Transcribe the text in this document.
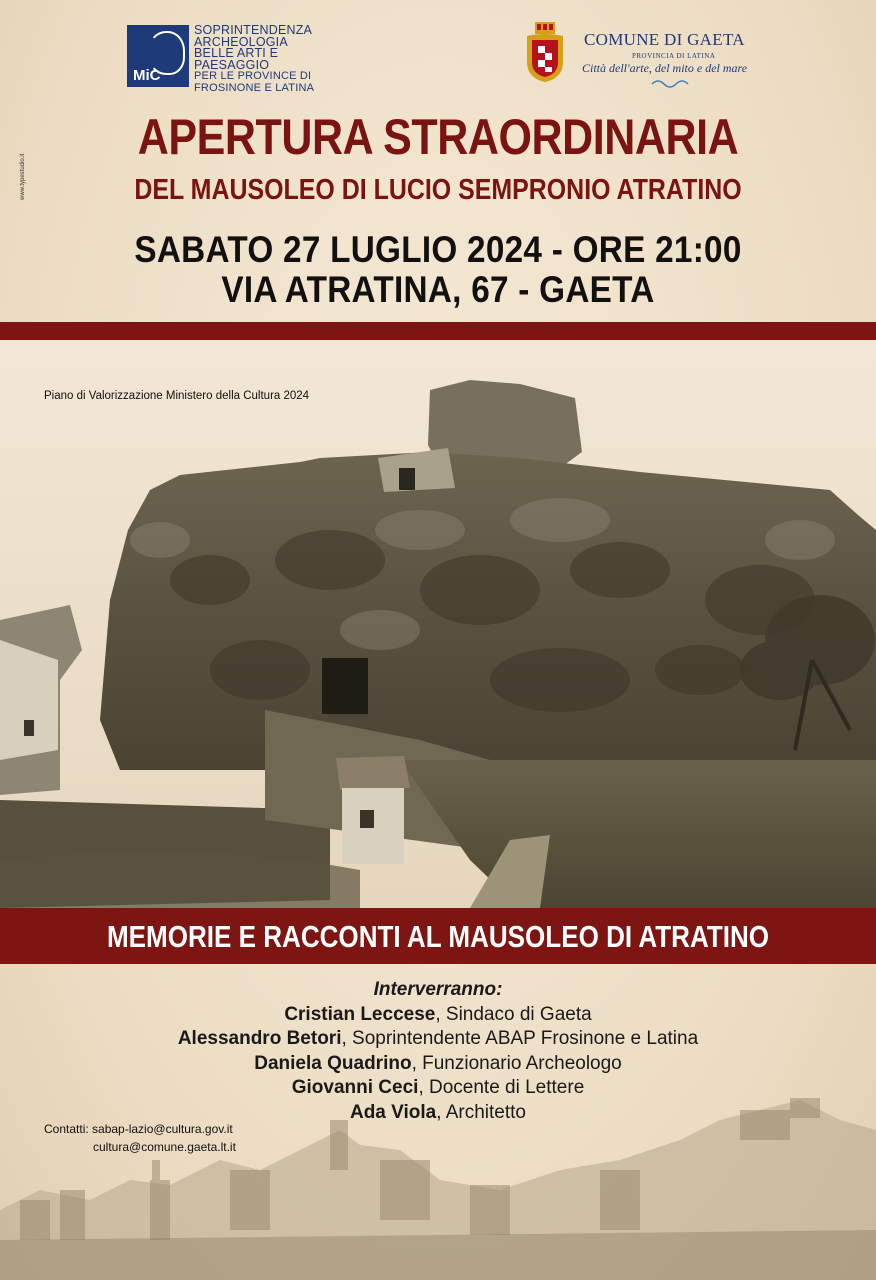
MiC
SOPRINTENDENZA
ARCHEOLOGIA
BELLE ARTI E
PAESAGGIO
PER LE PROVINCE DI
FROSINONE E LATINA
COMUNE DI GAETA
PROVINCIA DI LATINA
Città dell'arte, del mito e del mare
www.typestudio.it
APERTURA STRAORDINARIA
DEL MAUSOLEO DI LUCIO SEMPRONIO ATRATINO
SABATO 27 LUGLIO 2024 - ORE 21:00
VIA ATRATINA, 67 - GAETA
Piano di Valorizzazione Ministero della Cultura 2024
MEMORIE E RACCONTI AL MAUSOLEO DI ATRATINO
Interverranno:
Cristian Leccese, Sindaco di Gaeta
Alessandro Betori, Soprintendente ABAP Frosinone e Latina
Daniela Quadrino, Funzionario Archeologo
Giovanni Ceci, Docente di Lettere
Ada Viola, Architetto
Contatti: sabap-lazio@cultura.gov.it
cultura@comune.gaeta.lt.it
